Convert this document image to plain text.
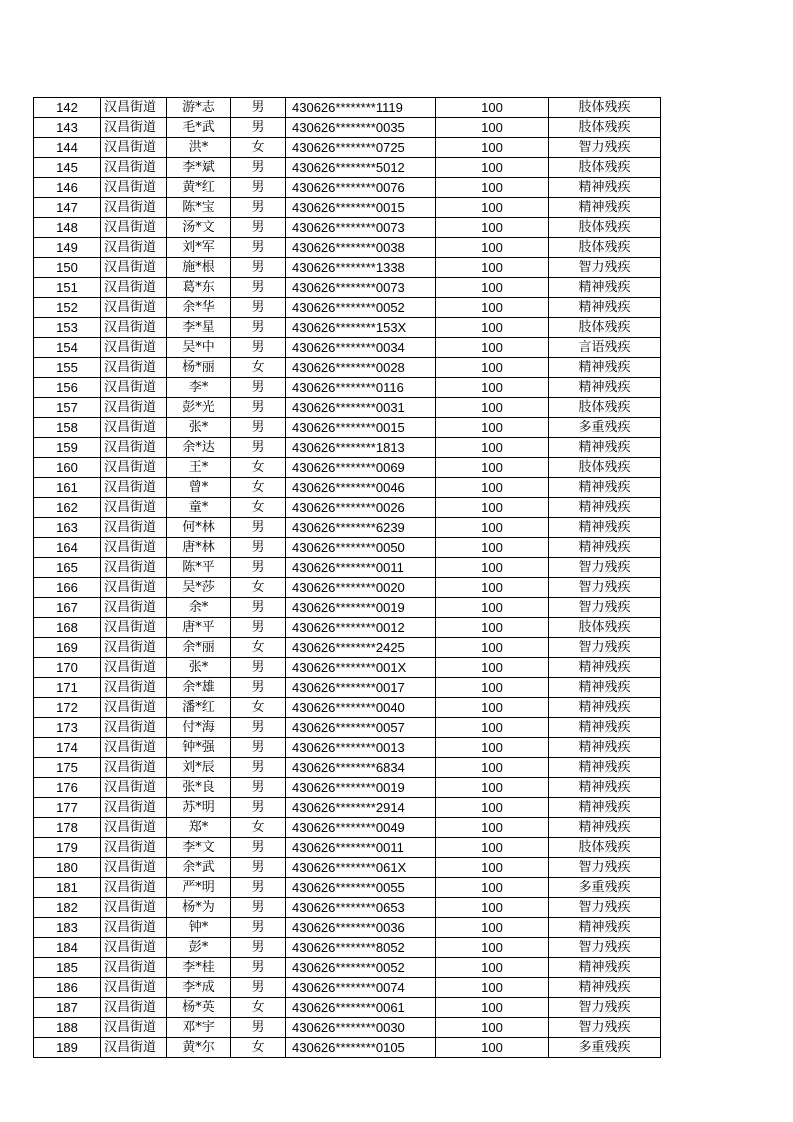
142	汉昌街道	游*志	男	430626********1119	100	肢体残疾
143	汉昌街道	毛*武	男	430626********0035	100	肢体残疾
144	汉昌街道	洪*	女	430626********0725	100	智力残疾
145	汉昌街道	李*斌	男	430626********5012	100	肢体残疾
146	汉昌街道	黄*红	男	430626********0076	100	精神残疾
147	汉昌街道	陈*宝	男	430626********0015	100	精神残疾
148	汉昌街道	汤*文	男	430626********0073	100	肢体残疾
149	汉昌街道	刘*军	男	430626********0038	100	肢体残疾
150	汉昌街道	施*根	男	430626********1338	100	智力残疾
151	汉昌街道	葛*东	男	430626********0073	100	精神残疾
152	汉昌街道	余*华	男	430626********0052	100	精神残疾
153	汉昌街道	李*星	男	430626********153X	100	肢体残疾
154	汉昌街道	吴*中	男	430626********0034	100	言语残疾
155	汉昌街道	杨*丽	女	430626********0028	100	精神残疾
156	汉昌街道	李*	男	430626********0116	100	精神残疾
157	汉昌街道	彭*光	男	430626********0031	100	肢体残疾
158	汉昌街道	张*	男	430626********0015	100	多重残疾
159	汉昌街道	余*达	男	430626********1813	100	精神残疾
160	汉昌街道	王*	女	430626********0069	100	肢体残疾
161	汉昌街道	曾*	女	430626********0046	100	精神残疾
162	汉昌街道	童*	女	430626********0026	100	精神残疾
163	汉昌街道	何*林	男	430626********6239	100	精神残疾
164	汉昌街道	唐*林	男	430626********0050	100	精神残疾
165	汉昌街道	陈*平	男	430626********0011	100	智力残疾
166	汉昌街道	吴*莎	女	430626********0020	100	智力残疾
167	汉昌街道	余*	男	430626********0019	100	智力残疾
168	汉昌街道	唐*平	男	430626********0012	100	肢体残疾
169	汉昌街道	余*丽	女	430626********2425	100	智力残疾
170	汉昌街道	张*	男	430626********001X	100	精神残疾
171	汉昌街道	余*雄	男	430626********0017	100	精神残疾
172	汉昌街道	潘*红	女	430626********0040	100	精神残疾
173	汉昌街道	付*海	男	430626********0057	100	精神残疾
174	汉昌街道	钟*强	男	430626********0013	100	精神残疾
175	汉昌街道	刘*辰	男	430626********6834	100	精神残疾
176	汉昌街道	张*良	男	430626********0019	100	精神残疾
177	汉昌街道	苏*明	男	430626********2914	100	精神残疾
178	汉昌街道	郑*	女	430626********0049	100	精神残疾
179	汉昌街道	李*文	男	430626********0011	100	肢体残疾
180	汉昌街道	余*武	男	430626********061X	100	智力残疾
181	汉昌街道	严*明	男	430626********0055	100	多重残疾
182	汉昌街道	杨*为	男	430626********0653	100	智力残疾
183	汉昌街道	钟*	男	430626********0036	100	精神残疾
184	汉昌街道	彭*	男	430626********8052	100	智力残疾
185	汉昌街道	李*桂	男	430626********0052	100	精神残疾
186	汉昌街道	李*成	男	430626********0074	100	精神残疾
187	汉昌街道	杨*英	女	430626********0061	100	智力残疾
188	汉昌街道	邓*宇	男	430626********0030	100	智力残疾
189	汉昌街道	黄*尔	女	430626********0105	100	多重残疾
